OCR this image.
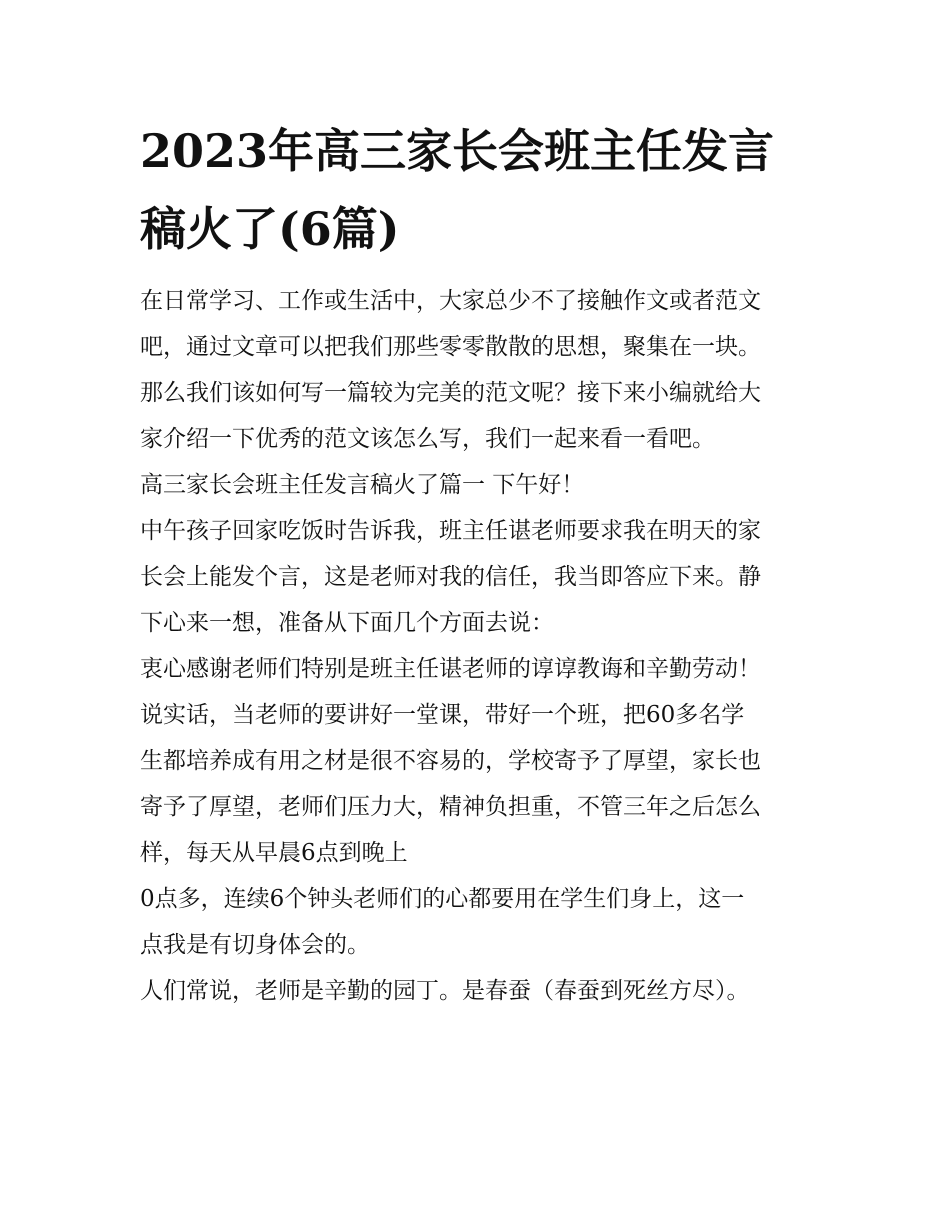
2023年高三家长会班主任发言
稿火了(6篇)

在日常学习、工作或生活中，大家总少不了接触作文或者范文

吧，通过文章可以把我们那些零零散散的思想，聚集在一块。

那么我们该如何写一篇较为完美的范文呢？接下来小编就给大

家介绍一下优秀的范文该怎么写，我们一起来看一看吧。

高三家长会班主任发言稿火了篇一 下午好！

中午孩子回家吃饭时告诉我，班主任谌老师要求我在明天的家

长会上能发个言，这是老师对我的信任，我当即答应下来。静

下心来一想，准备从下面几个方面去说：

衷心感谢老师们特别是班主任谌老师的谆谆教诲和辛勤劳动！

说实话，当老师的要讲好一堂课，带好一个班，把60多名学

生都培养成有用之材是很不容易的，学校寄予了厚望，家长也

寄予了厚望，老师们压力大，精神负担重，不管三年之后怎么

样，每天从早晨6点到晚上

0点多，连续6个钟头老师们的心都要用在学生们身上，这一

点我是有切身体会的。

人们常说，老师是辛勤的园丁。是春蚕（春蚕到死丝方尽）。
